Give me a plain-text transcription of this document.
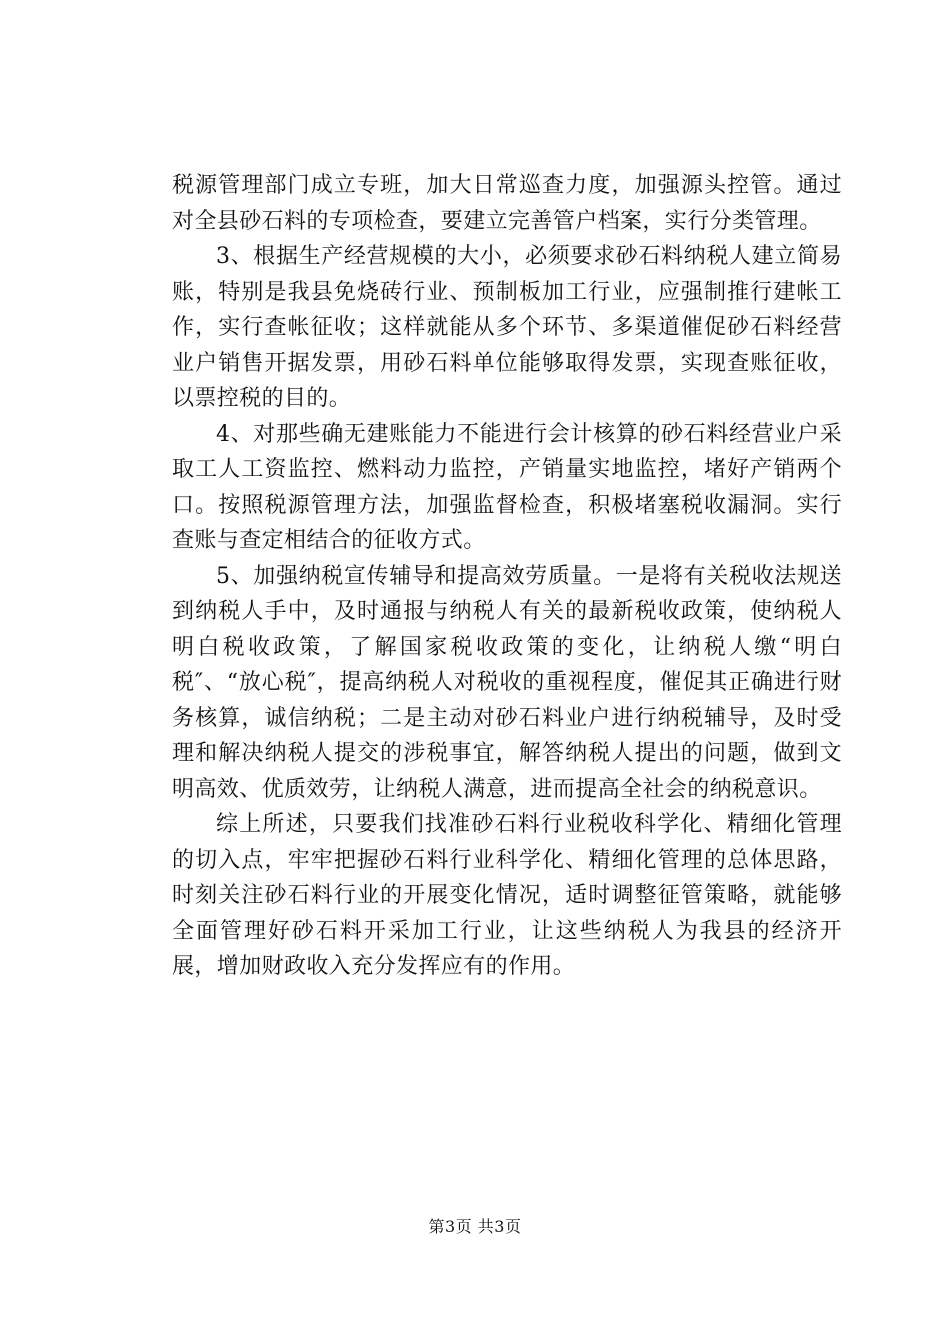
税源管理部门成立专班，加大日常巡查力度，加强源头控管。通过对全县砂石料的专项检查，要建立完善管户档案，实行分类管理。

3、根据生产经营规模的大小，必须要求砂石料纳税人建立简易账，特别是我县免烧砖行业、预制板加工行业，应强制推行建帐工作，实行查帐征收；这样就能从多个环节、多渠道催促砂石料经营业户销售开据发票，用砂石料单位能够取得发票，实现查账征收，以票控税的目的。

4、对那些确无建账能力不能进行会计核算的砂石料经营业户采取工人工资监控、燃料动力监控，产销量实地监控，堵好产销两个口。按照税源管理方法，加强监督检查，积极堵塞税收漏洞。实行查账与查定相结合的征收方式。

5、加强纳税宣传辅导和提高效劳质量。一是将有关税收法规送到纳税人手中，及时通报与纳税人有关的最新税收政策，使纳税人明白税收政策，了解国家税收政策的变化，让纳税人缴“明白税″、“放心税″，提高纳税人对税收的重视程度，催促其正确进行财务核算，诚信纳税；二是主动对砂石料业户进行纳税辅导，及时受理和解决纳税人提交的涉税事宜，解答纳税人提出的问题，做到文明高效、优质效劳，让纳税人满意，进而提高全社会的纳税意识。

综上所述，只要我们找准砂石料行业税收科学化、精细化管理的切入点，牢牢把握砂石料行业科学化、精细化管理的总体思路，时刻关注砂石料行业的开展变化情况，适时调整征管策略，就能够全面管理好砂石料开采加工行业，让这些纳税人为我县的经济开展，增加财政收入充分发挥应有的作用。

第3页 共3页
